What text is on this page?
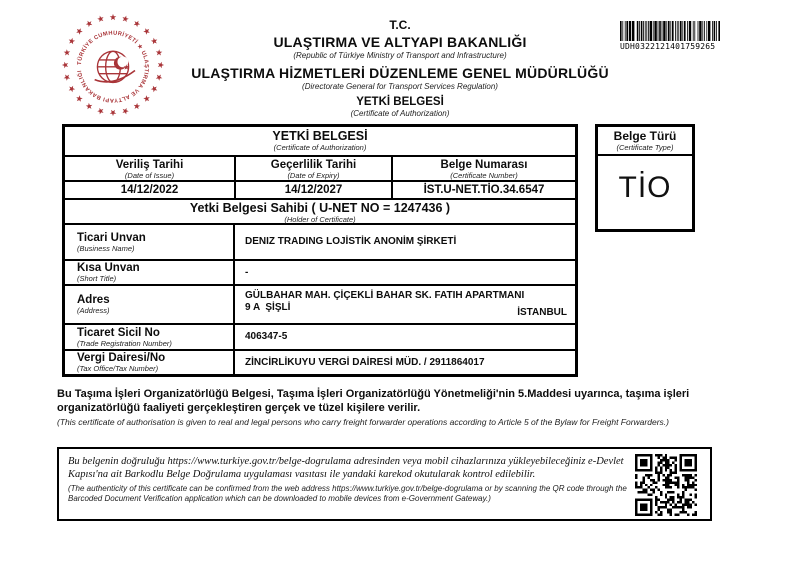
TÜRKİYE CUMHURİYETİ ★ ULAŞTIRMA VE ALTYAPI BAKANLIĞI
T.C.
ULAŞTIRMA VE ALTYAPI BAKANLIĞI
(Republic of Türkiye Ministry of Transport and Infrastructure)
ULAŞTIRMA HİZMETLERİ DÜZENLEME GENEL MÜDÜRLÜĞÜ
(Directorate General for Transport Services Regulation)
YETKİ BELGESİ
(Certificate of Authorization)
UDH0322121401759265
YETKİ BELGESİ
(Certificate of Authorization)
Veriliş Tarihi
(Date of Issue)
Geçerlilik Tarihi
(Date of Expiry)
Belge Numarası
(Certificate Number)
14/12/2022	14/12/2027	İST.U-NET.TİO.34.6547
Yetki Belgesi Sahibi ( U-NET NO = 1247436 )
(Holder of Certificate)
Ticari Unvan
(Business Name)
DENIZ TRADING LOJİSTİK ANONİM ŞİRKETİ
Kısa Unvan
(Short Title)
-
Adres
(Address)
GÜLBAHAR MAH. ÇİÇEKLİ BAHAR SK. FATIH APARTMANI
9 A  ŞİŞLİ	İSTANBUL
Ticaret Sicil No
(Trade Registration Number)
406347-5
Vergi Dairesi/No
(Tax Office/Tax Number)
ZİNCİRLİKUYU VERGİ DAİRESİ MÜD. / 2911864017
Belge Türü
(Certificate Type)
TİO
Bu Taşıma İşleri Organizatörlüğü Belgesi, Taşıma İşleri Organizatörlüğü Yönetmeliği'nin 5.Maddesi uyarınca, taşıma işleri organizatörlüğü faaliyeti gerçekleştiren gerçek ve tüzel kişilere verilir.
(This certificate of authorisation is given to real and legal persons who carry freight forwarder operations according to Article 5 of the Bylaw for Freight Forwarders.)
Bu belgenin doğruluğu https://www.turkiye.gov.tr/belge-dogrulama adresinden veya mobil cihazlarınıza yükleyebileceğiniz e-Devlet Kapısı'na ait Barkodlu Belge Doğrulama uygulaması vasıtası ile yandaki karekod okutularak kontrol edilebilir.
(The authenticity of this certificate can be confirmed from the web address https://www.turkiye.gov.tr/belge-dogrulama or by scanning the QR code through the Barcoded Document Verification application which can be downloaded to mobile devices from e-Government Gateway.)
